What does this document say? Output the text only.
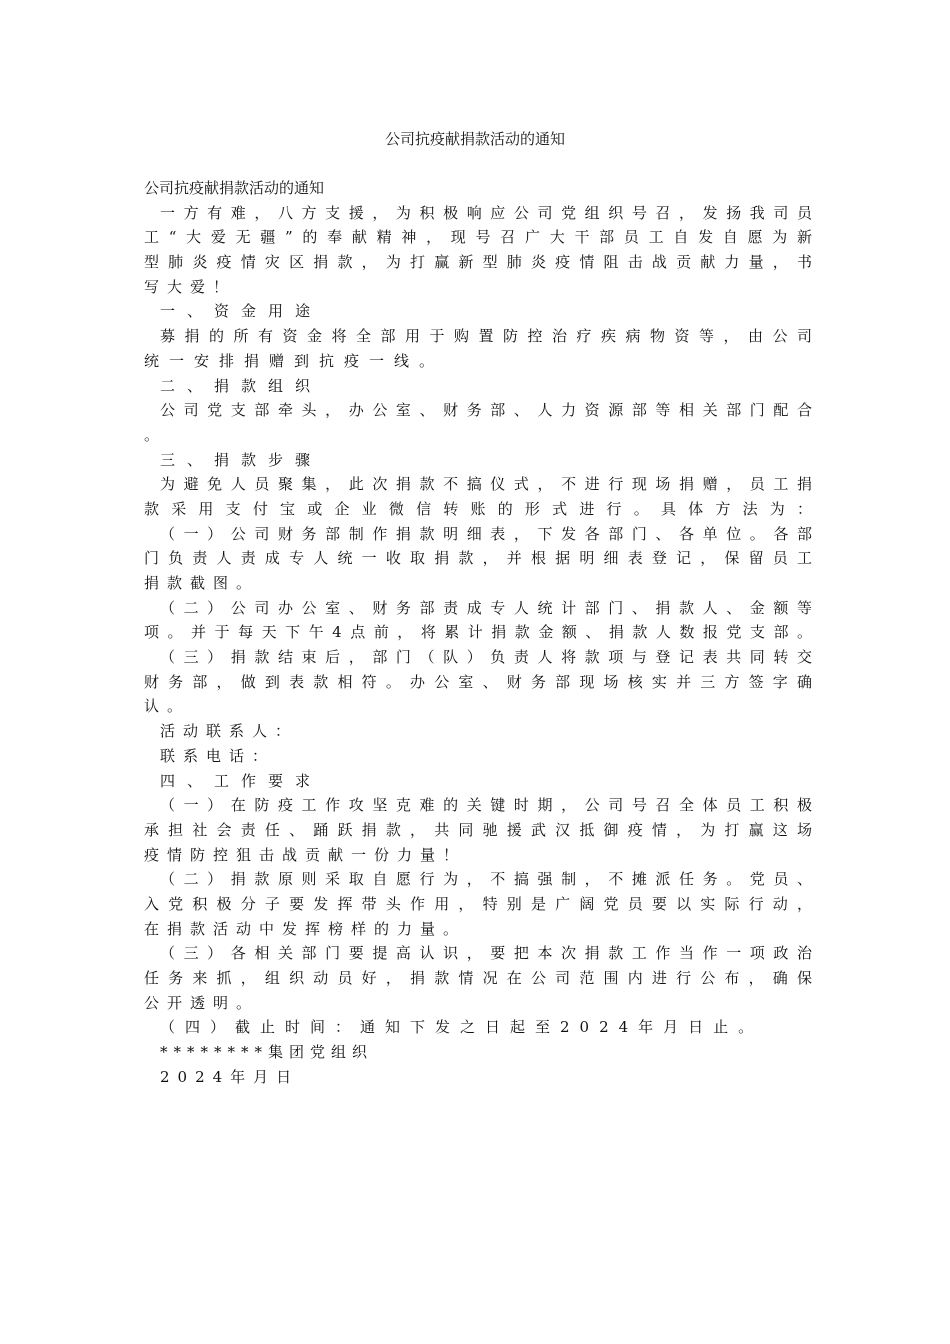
公司抗疫献捐款活动的通知
公司抗疫献捐款活动的通知
一方有难，八方支援，为积极响应公司党组织号召，发扬我司员
工“大爱无疆”的奉献精神，现号召广大干部员工自发自愿为新
型肺炎疫情灾区捐款，为打赢新型肺炎疫情阻击战贡献力量，书
写大爱！
一、资金用途
募捐的所有资金将全部用于购置防控治疗疾病物资等，由公司
统一安排捐赠到抗疫一线。
二、捐款组织
公司党支部牵头，办公室、财务部、人力资源部等相关部门配合
。
三、捐款步骤
为避免人员聚集，此次捐款不搞仪式，不进行现场捐赠，员工捐
款采用支付宝或企业微信转账的形式进行。具体方法为：
（一）公司财务部制作捐款明细表，下发各部门、各单位。各部
门负责人责成专人统一收取捐款，并根据明细表登记，保留员工
捐款截图。
（二）公司办公室、财务部责成专人统计部门、捐款人、金额等
项。并于每天下午4点前，将累计捐款金额、捐款人数报党支部。
（三）捐款结束后，部门（队）负责人将款项与登记表共同转交
财务部，做到表款相符。办公室、财务部现场核实并三方签字确
认。
活动联系人：
联系电话：
四、工作要求
（一）在防疫工作攻坚克难的关键时期，公司号召全体员工积极
承担社会责任、踊跃捐款，共同驰援武汉抵御疫情，为打赢这场
疫情防控狙击战贡献一份力量！
（二）捐款原则采取自愿行为，不搞强制，不摊派任务。党员、
入党积极分子要发挥带头作用，特别是广阔党员要以实际行动，
在捐款活动中发挥榜样的力量。
（三）各相关部门要提高认识，要把本次捐款工作当作一项政治
任务来抓，组织动员好，捐款情况在公司范围内进行公布，确保
公开透明。
（四）截止时间：通知下发之日起至2024年月日止。
********集团党组织
2024年月日
